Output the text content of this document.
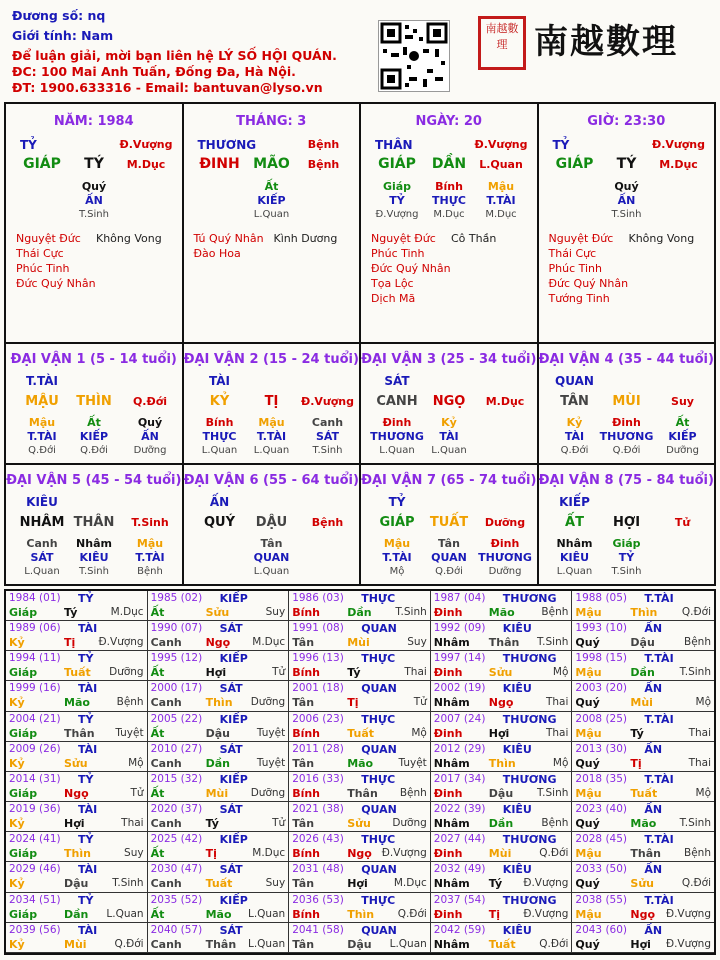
Đương số: nq
Giới tính: Nam
Để luận giải, mời bạn liên hệ LÝ SỐ HỘI QUÁN.
ĐC: 100 Mai Anh Tuấn, Đống Đa, Hà Nội.
ĐT: 1900.633316 - Email: bantuvan@lyso.vn
南越數理 南越數理
NĂM: 1984
TỶ	Đ.Vượng
GIÁP TÝ M.Dục
Quý
ẤN
T.Sinh
Nguyệt Đức Không Vong
Thái Cực
Phúc Tinh
Đức Quý Nhân
THÁNG: 3
THƯƠNG	Bệnh
ĐINH MÃO Bệnh
Ất
KIẾP
L.Quan
Tú Quý Nhân Kình Dương
Đào Hoa
NGÀY: 20
THÂN	Đ.Vượng
GIÁP DẦN L.Quan
Giáp
TỶ
Đ.Vượng
Bính
THỰC
M.Dục
Mậu
T.TÀI
M.Dục
Nguyệt Đức Cô Thần
Phúc Tinh
Đức Quý Nhân
Tọa Lộc
Dịch Mã
GIỜ: 23:30
TỶ	Đ.Vượng
GIÁP TÝ M.Dục
Quý
ẤN
T.Sinh
Nguyệt Đức Không Vong
Thái Cực
Phúc Tinh
Đức Quý Nhân
Tướng Tinh
ĐẠI VẬN 1 (5 - 14 tuổi)
T.TÀI
MẬU THÌN Q.Đới
Mậu
T.TÀI
Q.Đới
Ất
KIẾP
Q.Đới
Quý
ẤN
Dưỡng
ĐẠI VẬN 2 (15 - 24 tuổi)
TÀI
KỶ	TỊ Đ.Vượng
Bính
THỰC
L.Quan
Mậu
T.TÀI
L.Quan
Canh
SÁT
T.Sinh
ĐẠI VẬN 3 (25 - 34 tuổi)
SÁT
CANH NGỌ M.Dục
Đinh
THƯƠNG
L.Quan
Kỷ
TÀI
L.Quan
ĐẠI VẬN 4 (35 - 44 tuổi)
QUAN
TÂN MÙI	Suy
Kỷ
TÀI
Q.Đới
Đinh
THƯƠNG
Q.Đới
Ất
KIẾP
Dưỡng
ĐẠI VẬN 5 (45 - 54 tuổi)
KIÊU
NHÂM THÂN T.Sinh
Canh
SÁT
L.Quan
Nhâm
KIÊU
T.Sinh
Mậu
T.TÀI
Bệnh
ĐẠI VẬN 6 (55 - 64 tuổi)
ẤN
QUÝ DẬU Bệnh
Tân
QUAN
L.Quan
ĐẠI VẬN 7 (65 - 74 tuổi)
TỶ
GIÁP TUẤT Dưỡng
Mậu
T.TÀI
Mộ
Tân
QUAN
Q.Đới
Đinh
THƯƠNG
Dưỡng
ĐẠI VẬN 8 (75 - 84 tuổi)
KIẾP
ẤT HỢI	Tử
Nhâm
KIÊU
L.Quan
Giáp
TỶ
T.Sinh
1984 (01) TỶ
Giáp Tý	M.Dục
1985 (02) KIẾP
Ất	Sửu	Suy
1986 (03) THỰC
Bính Dần T.Sinh
1987 (04) THƯƠNG
Đinh Mão	Bệnh
1988 (05) T.TÀI
Mậu	Thìn Q.Đới
1989 (06) TÀI
Kỷ	Tị Đ.Vượng
1990 (07) SÁT
Canh Ngọ M.Dục
1991 (08) QUAN
Tân	Mùi	Suy
1992 (09) KIÊU
Nhâm Thân T.Sinh
1993 (10) ẤN
Quý	Dậu	Bệnh
1994 (11) TỶ
Giáp Tuất Dưỡng
1995 (12) KIẾP
Ất	Hợi	Tử
1996 (13) THỰC
Bính Tý	Thai
1997 (14) THƯƠNG
Đinh Sửu	Mộ
1998 (15) T.TÀI
Mậu	Dần T.Sinh
1999 (16) TÀI
Kỷ	Mão	Bệnh
2000 (17) SÁT
Canh Thìn Dưỡng
2001 (18) QUAN
Tân	Tị	Tử
2002 (19) KIÊU
Nhâm Ngọ	Thai
2003 (20) ẤN
Quý	Mùi	Mộ
2004 (21) TỶ
Giáp Thân Tuyệt
2005 (22) KIẾP
Ất	Dậu	Tuyệt
2006 (23) THỰC
Bính Tuất	Mộ
2007 (24) THƯƠNG
Đinh Hợi	Thai
2008 (25) T.TÀI
Mậu	Tý	Thai
2009 (26) TÀI
Kỷ	Sửu	Mộ
2010 (27) SÁT
Canh Dần	Tuyệt
2011 (28) QUAN
Tân	Mão Tuyệt
2012 (29) KIÊU
Nhâm Thìn	Mộ
2013 (30) ẤN
Quý	Tị	Thai
2014 (31) TỶ
Giáp Ngọ	Tử
2015 (32) KIẾP
Ất	Mùi Dưỡng
2016 (33) THỰC
Bính Thân Bệnh
2017 (34) THƯƠNG
Đinh Dậu T.Sinh
2018 (35) T.TÀI
Mậu	Tuất	Mộ
2019 (36) TÀI
Kỷ	Hợi	Thai
2020 (37) SÁT
Canh Tý	Tử
2021 (38) QUAN
Tân	Sửu Dưỡng
2022 (39) KIÊU
Nhâm Dần	Bệnh
2023 (40) ẤN
Quý	Mão T.Sinh
2024 (41) TỶ
Giáp Thìn	Suy
2025 (42) KIẾP
Ất	Tị	M.Dục
2026 (43) THỰC
Bính Ngọ Đ.Vượng
2027 (44) THƯƠNG
Đinh Mùi	Q.Đới
2028 (45) T.TÀI
Mậu	Thân Bệnh
2029 (46) TÀI
Kỷ	Dậu T.Sinh
2030 (47) SÁT
Canh Tuất	Suy
2031 (48) QUAN
Tân	Hợi M.Dục
2032 (49) KIÊU
Nhâm Tý Đ.Vượng
2033 (50) ẤN
Quý	Sửu	Q.Đới
2034 (51) TỶ
Giáp Dần L.Quan
2035 (52) KIẾP
Ất	Mão L.Quan
2036 (53) THỰC
Bính Thìn Q.Đới
2037 (54) THƯƠNG
Đinh Tị Đ.Vượng
2038 (55) T.TÀI
Mậu	Ngọ Đ.Vượng
2039 (56) TÀI
Kỷ	Mùi	Q.Đới
2040 (57) SÁT
Canh Thân L.Quan
2041 (58) QUAN
Tân	Dậu L.Quan
2042 (59) KIÊU
Nhâm Tuất Q.Đới
2043 (60) ẤN
Quý	Hợi Đ.Vượng
